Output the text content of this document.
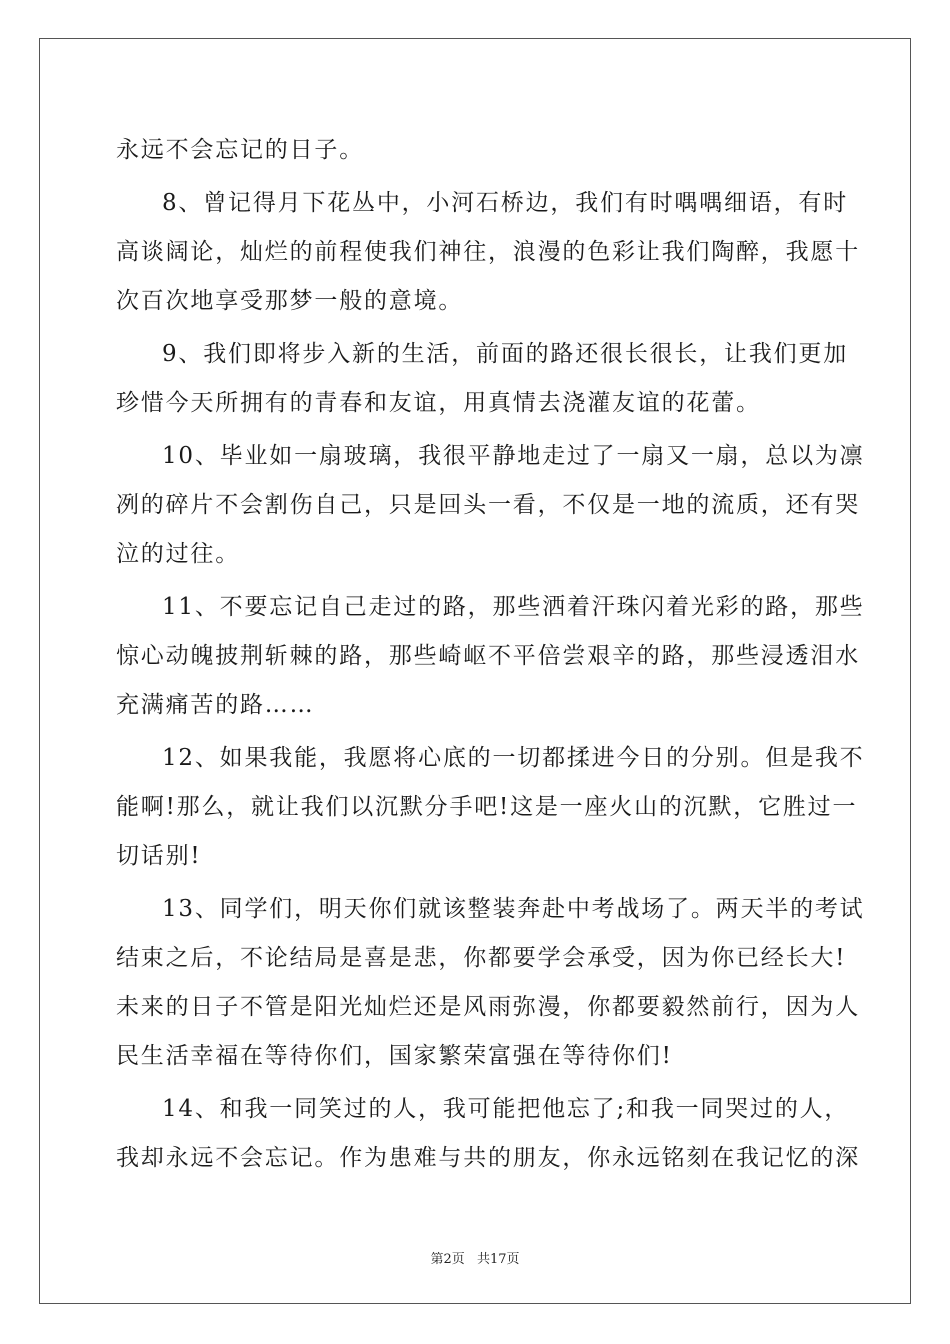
永远不会忘记的日子。
8、曾记得月下花丛中，小河石桥边，我们有时喁喁细语，有时
高谈阔论，灿烂的前程使我们神往，浪漫的色彩让我们陶醉，我愿十
次百次地享受那梦一般的意境。
9、我们即将步入新的生活，前面的路还很长很长，让我们更加
珍惜今天所拥有的青春和友谊，用真情去浇灌友谊的花蕾。
10、毕业如一扇玻璃，我很平静地走过了一扇又一扇，总以为凛
冽的碎片不会割伤自己，只是回头一看，不仅是一地的流质，还有哭
泣的过往。
11、不要忘记自己走过的路，那些洒着汗珠闪着光彩的路，那些
惊心动魄披荆斩棘的路，那些崎岖不平倍尝艰辛的路，那些浸透泪水
充满痛苦的路……
12、如果我能，我愿将心底的一切都揉进今日的分别。但是我不
能啊!那么，就让我们以沉默分手吧!这是一座火山的沉默，它胜过一
切话别!
13、同学们，明天你们就该整装奔赴中考战场了。两天半的考试
结束之后，不论结局是喜是悲，你都要学会承受，因为你已经长大!
未来的日子不管是阳光灿烂还是风雨弥漫，你都要毅然前行，因为人
民生活幸福在等待你们，国家繁荣富强在等待你们!
14、和我一同笑过的人，我可能把他忘了;和我一同哭过的人，
我却永远不会忘记。作为患难与共的朋友，你永远铭刻在我记忆的深
第2页 共17页
